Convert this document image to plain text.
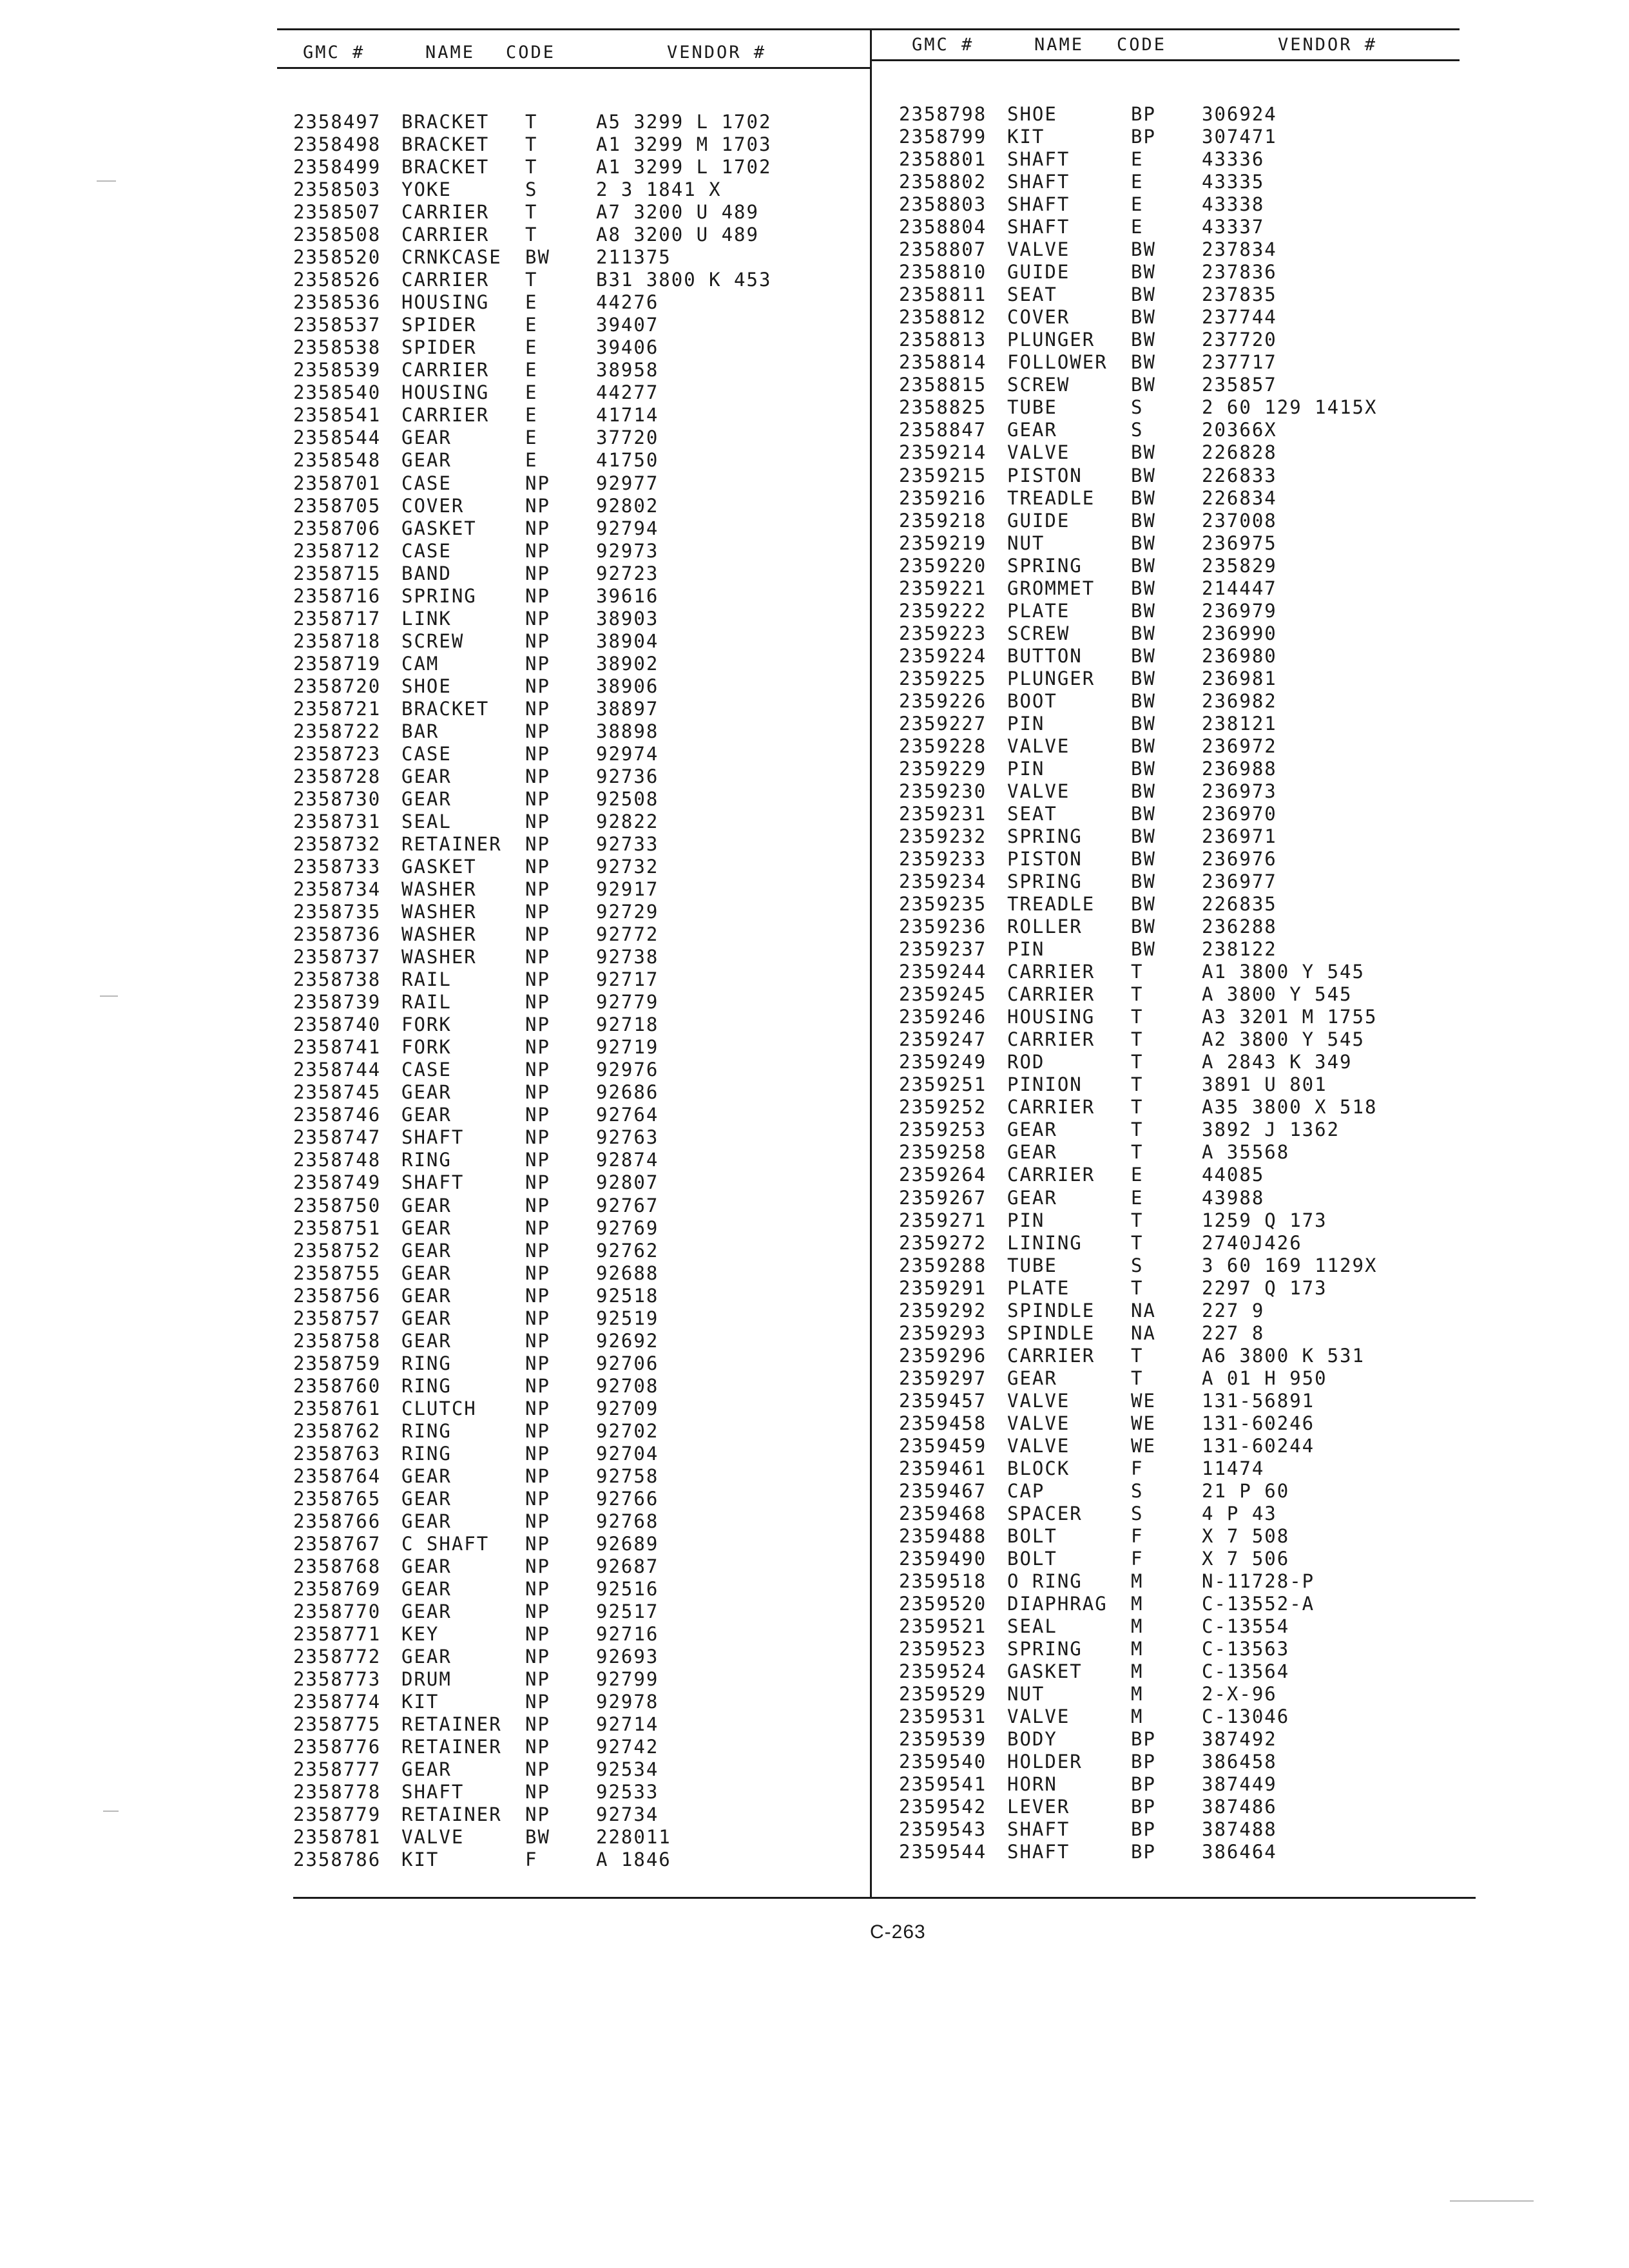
GMC #	NAME CODE	VENDOR #	GMC #	NAME CODE	VENDOR #
2358497 BRACKET T	A5 3299 L 1702
2358498 BRACKET T	A1 3299 M 1703
2358499 BRACKET T	A1 3299 L 1702
2358503 YOKE	S	2 3 1841 X
2358507 CARRIER T	A7 3200 U 489
2358508 CARRIER T	A8 3200 U 489
2358520 CRNKCASE BW 211375
2358526 CARRIER T	B31 3800 K 453
2358536 HOUSING E	44276
2358537 SPIDER	E	39407
2358538 SPIDER	E	39406
2358539 CARRIER E	38958
2358540 HOUSING E	44277
2358541 CARRIER E	41714
2358544 GEAR	E	37720
2358548 GEAR	E	41750
2358701 CASE	NP 92977
2358705 COVER	NP 92802
2358706 GASKET	NP 92794
2358712 CASE	NP 92973
2358715 BAND	NP 92723
2358716 SPRING	NP 39616
2358717 LINK	NP 38903
2358718 SCREW	NP 38904
2358719 CAM	NP 38902
2358720 SHOE	NP 38906
2358721 BRACKET NP 38897
2358722 BAR	NP 38898
2358723 CASE	NP 92974
2358728 GEAR	NP 92736
2358730 GEAR	NP 92508
2358731 SEAL	NP 92822
2358732 RETAINER NP 92733
2358733 GASKET	NP 92732
2358734 WASHER	NP 92917
2358735 WASHER	NP 92729
2358736 WASHER	NP 92772
2358737 WASHER	NP 92738
2358738 RAIL	NP 92717
2358739 RAIL	NP 92779
2358740 FORK	NP 92718
2358741 FORK	NP 92719
2358744 CASE	NP 92976
2358745 GEAR	NP 92686
2358746 GEAR	NP 92764
2358747 SHAFT	NP 92763
2358748 RING	NP 92874
2358749 SHAFT	NP 92807
2358750 GEAR	NP 92767
2358751 GEAR	NP 92769
2358752 GEAR	NP 92762
2358755 GEAR	NP 92688
2358756 GEAR	NP 92518
2358757 GEAR	NP 92519
2358758 GEAR	NP 92692
2358759 RING	NP 92706
2358760 RING	NP 92708
2358761 CLUTCH	NP 92709
2358762 RING	NP 92702
2358763 RING	NP 92704
2358764 GEAR	NP 92758
2358765 GEAR	NP 92766
2358766 GEAR	NP 92768
2358767 C SHAFT NP 92689
2358768 GEAR	NP 92687
2358769 GEAR	NP 92516
2358770 GEAR	NP 92517
2358771 KEY	NP 92716
2358772 GEAR	NP 92693
2358773 DRUM	NP 92799
2358774 KIT	NP 92978
2358775 RETAINER NP 92714
2358776 RETAINER NP 92742
2358777 GEAR	NP 92534
2358778 SHAFT	NP 92533
2358779 RETAINER NP 92734
2358781 VALVE	BW 228011
2358786 KIT	F	A 1846
2358798 SHOE	BP 306924
2358799 KIT	BP 307471
2358801 SHAFT	E	43336
2358802 SHAFT	E	43335
2358803 SHAFT	E	43338
2358804 SHAFT	E	43337
2358807 VALVE	BW 237834
2358810 GUIDE	BW 237836
2358811 SEAT	BW 237835
2358812 COVER	BW 237744
2358813 PLUNGER BW 237720
2358814 FOLLOWER BW 237717
2358815 SCREW	BW 235857
2358825 TUBE	S	2 60 129 1415X
2358847 GEAR	S	20366X
2359214 VALVE	BW 226828
2359215 PISTON	BW 226833
2359216 TREADLE BW 226834
2359218 GUIDE	BW 237008
2359219 NUT	BW 236975
2359220 SPRING	BW 235829
2359221 GROMMET BW 214447
2359222 PLATE	BW 236979
2359223 SCREW	BW 236990
2359224 BUTTON	BW 236980
2359225 PLUNGER BW 236981
2359226 BOOT	BW 236982
2359227 PIN	BW 238121
2359228 VALVE	BW 236972
2359229 PIN	BW 236988
2359230 VALVE	BW 236973
2359231 SEAT	BW 236970
2359232 SPRING	BW 236971
2359233 PISTON	BW 236976
2359234 SPRING	BW 236977
2359235 TREADLE BW 226835
2359236 ROLLER	BW 236288
2359237 PIN	BW 238122
2359244 CARRIER T	A1 3800 Y 545
2359245 CARRIER T	A 3800 Y 545
2359246 HOUSING T	A3 3201 M 1755
2359247 CARRIER T	A2 3800 Y 545
2359249 ROD	T	A 2843 K 349
2359251 PINION	T	3891 U 801
2359252 CARRIER T	A35 3800 X 518
2359253 GEAR	T	3892 J 1362
2359258 GEAR	T	A 35568
2359264 CARRIER E	44085
2359267 GEAR	E	43988
2359271 PIN	T	1259 Q 173
2359272 LINING	T	2740J426
2359288 TUBE	S	3 60 169 1129X
2359291 PLATE	T	2297 Q 173
2359292 SPINDLE NA 227 9
2359293 SPINDLE NA 227 8
2359296 CARRIER T	A6 3800 K 531
2359297 GEAR	T	A 01 H 950
2359457 VALVE	WE 131-56891
2359458 VALVE	WE 131-60246
2359459 VALVE	WE 131-60244
2359461 BLOCK	F	11474
2359467 CAP	S	21 P 60
2359468 SPACER	S	4 P 43
2359488 BOLT	F	X 7 508
2359490 BOLT	F	X 7 506
2359518 O RING	M	N-11728-P
2359520 DIAPHRAG M	C-13552-A
2359521 SEAL	M	C-13554
2359523 SPRING	M	C-13563
2359524 GASKET	M	C-13564
2359529 NUT	M	2-X-96
2359531 VALVE	M	C-13046
2359539 BODY	BP 387492
2359540 HOLDER	BP 386458
2359541 HORN	BP 387449
2359542 LEVER	BP 387486
2359543 SHAFT	BP 387488
2359544 SHAFT	BP 386464
C-263
